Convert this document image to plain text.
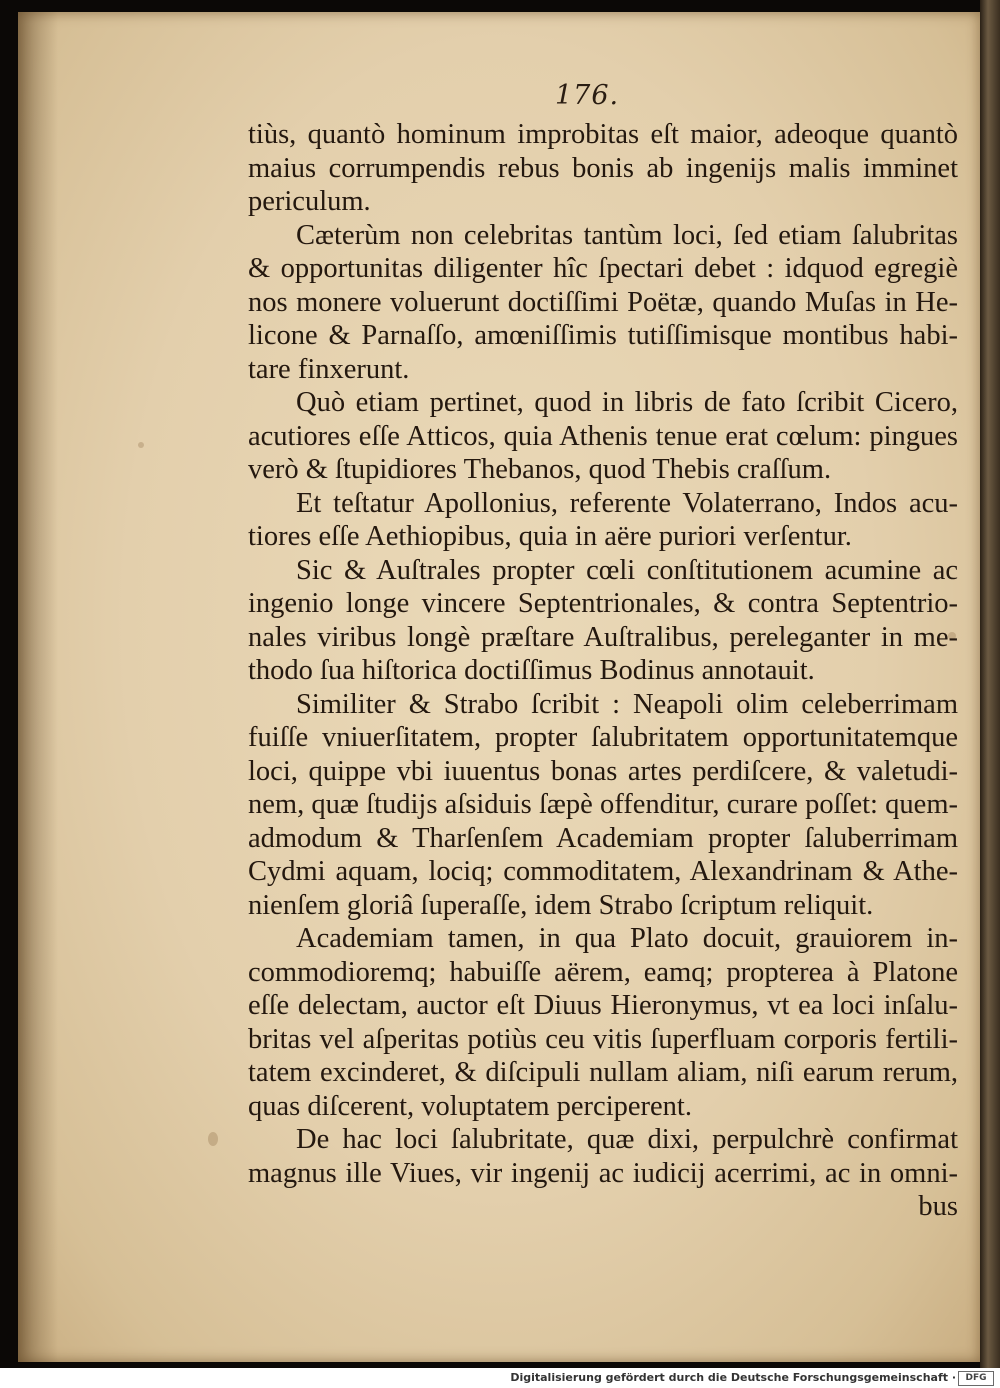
176.
tiùs, quantò hominum improbitas eſt maior, adeoque quantò
maius corrumpendis rebus bonis ab ingenijs malis imminet
periculum.
Cæterùm non celebritas tantùm loci, ſed etiam ſalubritas
& opportunitas diligenter hîc ſpectari debet : idquod egregiè
nos monere voluerunt doctiſſimi Poëtæ, quando Muſas in He-
licone & Parnaſſo, amœniſſimis tutiſſimisque montibus habi-
tare finxerunt.
Quò etiam pertinet, quod in libris de fato ſcribit Cicero,
acutiores eſſe Atticos, quia Athenis tenue erat cœlum: pingues
verò & ſtupidiores Thebanos, quod Thebis craſſum.
Et teſtatur Apollonius, referente Volaterrano, Indos acu-
tiores eſſe Aethiopibus, quia in aëre puriori verſentur.
Sic & Auſtrales propter cœli conſtitutionem acumine ac
ingenio longe vincere Septentrionales, & contra Septentrio-
nales viribus longè præſtare Auſtralibus, pereleganter in me-
thodo ſua hiſtorica doctiſſimus Bodinus annotauit.
Similiter & Strabo ſcribit : Neapoli olim celeberrimam
fuiſſe vniuerſitatem, propter ſalubritatem opportunitatemque
loci, quippe vbi iuuentus bonas artes perdiſcere, & valetudi-
nem, quæ ſtudijs aſsiduis ſæpè offenditur, curare poſſet: quem-
admodum & Tharſenſem Academiam propter ſaluberrimam
Cydmi aquam, lociq; commoditatem, Alexandrinam & Athe-
nienſem gloriâ ſuperaſſe, idem Strabo ſcriptum reliquit.
Academiam tamen, in qua Plato docuit, grauiorem in-
commodioremq; habuiſſe aërem, eamq; propterea à Platone
eſſe delectam, auctor eſt Diuus Hieronymus, vt ea loci inſalu-
britas vel aſperitas potiùs ceu vitis ſuperfluam corporis fertili-
tatem excinderet, & diſcipuli nullam aliam, niſi earum rerum,
quas diſcerent, voluptatem perciperent.
De hac loci ſalubritate, quæ dixi, perpulchrè confirmat
magnus ille Viues, vir ingenij ac iudicij acerrimi, ac in omni-
bus
Digitalisierung gefördert durch die Deutsche Forschungsgemeinschaft ·	DFG
